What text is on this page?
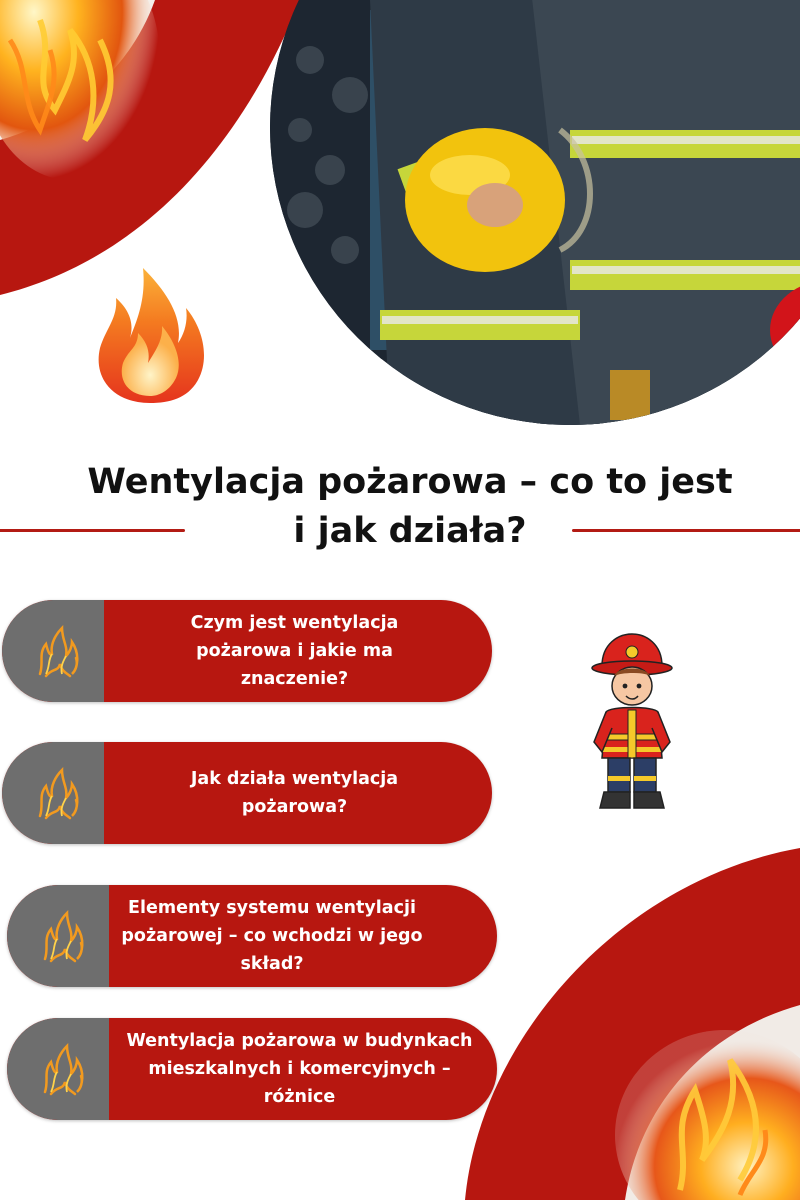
Wentylacja pożarowa – co to jest i jak działa?
Czym jest wentylacja pożarowa i jakie ma znaczenie?
Jak działa wentylacja pożarowa?
Elementy systemu wentylacji pożarowej – co wchodzi w jego skład?
Wentylacja pożarowa w budynkach mieszkalnych i komercyjnych – różnice
